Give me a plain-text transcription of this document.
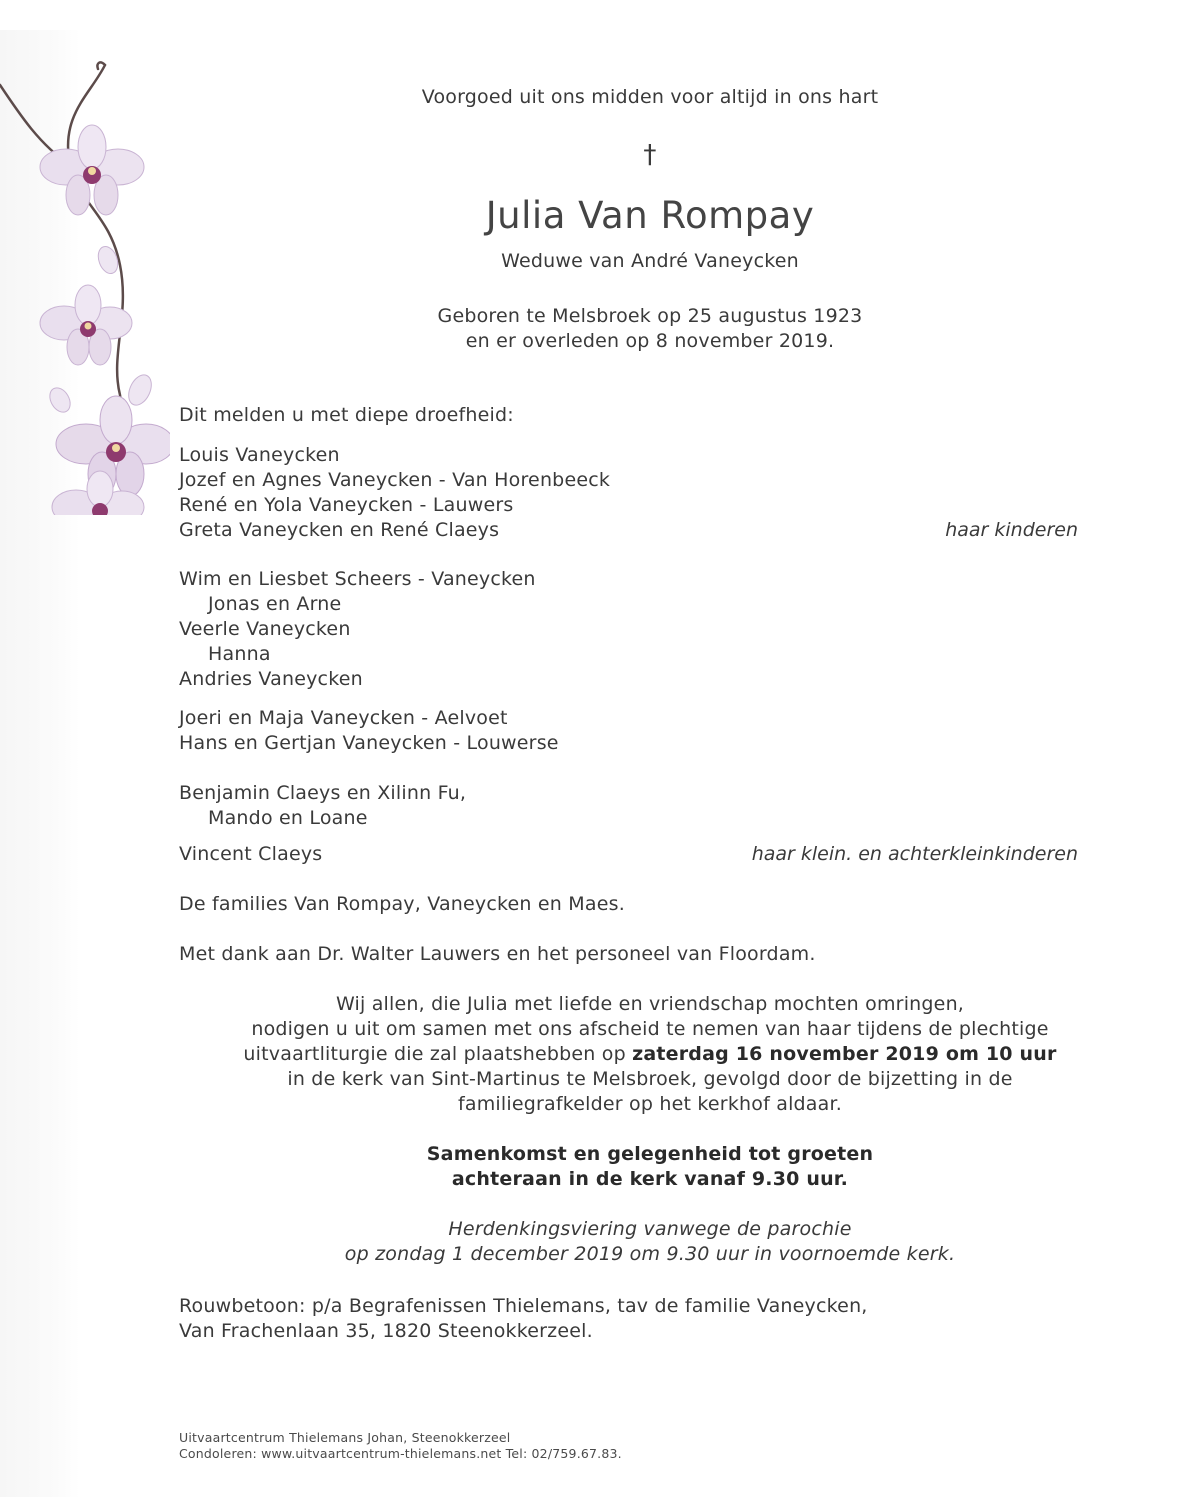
Voorgoed uit ons midden voor altijd in ons hart
†
Julia Van Rompay
Weduwe van André Vaneycken
Geboren te Melsbroek op 25 augustus 1923
en er overleden op 8 november 2019.
Dit melden u met diepe droefheid:
Louis Vaneycken
Jozef en Agnes Vaneycken - Van Horenbeeck
René en Yola Vaneycken - Lauwers
Greta Vaneycken en René Claeys	haar kinderen
Wim en Liesbet Scheers - Vaneycken
Jonas en Arne
Veerle Vaneycken
Hanna
Andries Vaneycken
Joeri en Maja Vaneycken - Aelvoet
Hans en Gertjan Vaneycken - Louwerse
Benjamin Claeys en Xilinn Fu,
Mando en Loane
Vincent Claeys	haar klein. en achterkleinkinderen
De families Van Rompay, Vaneycken en Maes.
Met dank aan Dr. Walter Lauwers en het personeel van Floordam.
Wij allen, die Julia met liefde en vriendschap mochten omringen,
nodigen u uit om samen met ons afscheid te nemen van haar tijdens de plechtige
uitvaartliturgie die zal plaatshebben op zaterdag 16 november 2019 om 10 uur
in de kerk van Sint-Martinus te Melsbroek, gevolgd door de bijzetting in de
familiegrafkelder op het kerkhof aldaar.
Samenkomst en gelegenheid tot groeten
achteraan in de kerk vanaf 9.30 uur.
Herdenkingsviering vanwege de parochie
op zondag 1 december 2019 om 9.30 uur in voornoemde kerk.
Rouwbetoon: p/a Begrafenissen Thielemans, tav de familie Vaneycken,
Van Frachenlaan 35, 1820 Steenokkerzeel.
Uitvaartcentrum Thielemans Johan, Steenokkerzeel
Condoleren: www.uitvaartcentrum-thielemans.net Tel: 02/759.67.83.
